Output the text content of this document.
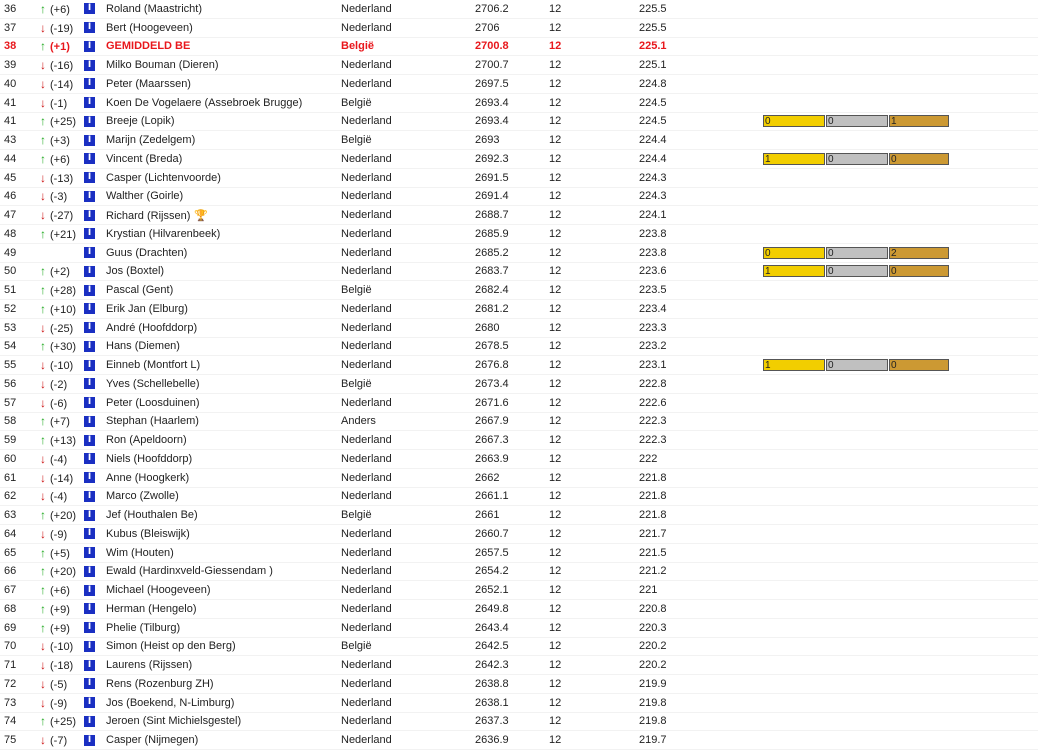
36	↑ (+6)	I	Roland (Maastricht)	Nederland	2706.2	12	225.5		
37	↓ (-19)	I	Bert (Hoogeveen)	Nederland	2706	12	225.5		
38	↑ (+1)	I	GEMIDDELD BE	België	2700.8	12	225.1		
39	↓ (-16)	I	Milko Bouman (Dieren)	Nederland	2700.7	12	225.1		
40	↓ (-14)	I	Peter (Maarssen)	Nederland	2697.5	12	224.8		
41	↓ (-1)	I	Koen De Vogelaere (Assebroek Brugge)	België	2693.4	12	224.5		
41	↑ (+25)	I	Breeje (Lopik)	Nederland	2693.4	12	224.5	0 0 1	
43	↑ (+3)	I	Marijn (Zedelgem)	België	2693	12	224.4		
44	↑ (+6)	I	Vincent (Breda)	Nederland	2692.3	12	224.4	1 0 0	
45	↓ (-13)	I	Casper (Lichtenvoorde)	Nederland	2691.5	12	224.3		
46	↓ (-3)	I	Walther (Goirle)	Nederland	2691.4	12	224.3		
47	↓ (-27)	I	Richard (Rijssen) 🏆	Nederland	2688.7	12	224.1		
48	↑ (+21)	I	Krystian (Hilvarenbeek)	Nederland	2685.9	12	223.8		
49		I	Guus (Drachten)	Nederland	2685.2	12	223.8	0 0 2	
50	↑ (+2)	I	Jos (Boxtel)	Nederland	2683.7	12	223.6	1 0 0	
51	↑ (+28)	I	Pascal (Gent)	België	2682.4	12	223.5		
52	↑ (+10)	I	Erik Jan (Elburg)	Nederland	2681.2	12	223.4		
53	↓ (-25)	I	André (Hoofddorp)	Nederland	2680	12	223.3		
54	↑ (+30)	I	Hans (Diemen)	Nederland	2678.5	12	223.2		
55	↓ (-10)	I	Einneb (Montfort L)	Nederland	2676.8	12	223.1	1 0 0	
56	↓ (-2)	I	Yves (Schellebelle)	België	2673.4	12	222.8		
57	↓ (-6)	I	Peter (Loosduinen)	Nederland	2671.6	12	222.6		
58	↑ (+7)	I	Stephan (Haarlem)	Anders	2667.9	12	222.3		
59	↑ (+13)	I	Ron (Apeldoorn)	Nederland	2667.3	12	222.3		
60	↓ (-4)	I	Niels (Hoofddorp)	Nederland	2663.9	12	222		
61	↓ (-14)	I	Anne (Hoogkerk)	Nederland	2662	12	221.8		
62	↓ (-4)	I	Marco (Zwolle)	Nederland	2661.1	12	221.8		
63	↑ (+20)	I	Jef (Houthalen Be)	België	2661	12	221.8		
64	↓ (-9)	I	Kubus (Bleiswijk)	Nederland	2660.7	12	221.7		
65	↑ (+5)	I	Wim (Houten)	Nederland	2657.5	12	221.5		
66	↑ (+20)	I	Ewald (Hardinxveld-Giessendam )	Nederland	2654.2	12	221.2		
67	↑ (+6)	I	Michael (Hoogeveen)	Nederland	2652.1	12	221		
68	↑ (+9)	I	Herman (Hengelo)	Nederland	2649.8	12	220.8		
69	↑ (+9)	I	Phelie (Tilburg)	Nederland	2643.4	12	220.3		
70	↓ (-10)	I	Simon (Heist op den Berg)	België	2642.5	12	220.2		
71	↓ (-18)	I	Laurens (Rijssen)	Nederland	2642.3	12	220.2		
72	↓ (-5)	I	Rens (Rozenburg ZH)	Nederland	2638.8	12	219.9		
73	↓ (-9)	I	Jos (Boekend, N-Limburg)	Nederland	2638.1	12	219.8		
74	↑ (+25)	I	Jeroen (Sint Michielsgestel)	Nederland	2637.3	12	219.8		
75	↓ (-7)	I	Casper (Nijmegen)	Nederland	2636.9	12	219.7		
